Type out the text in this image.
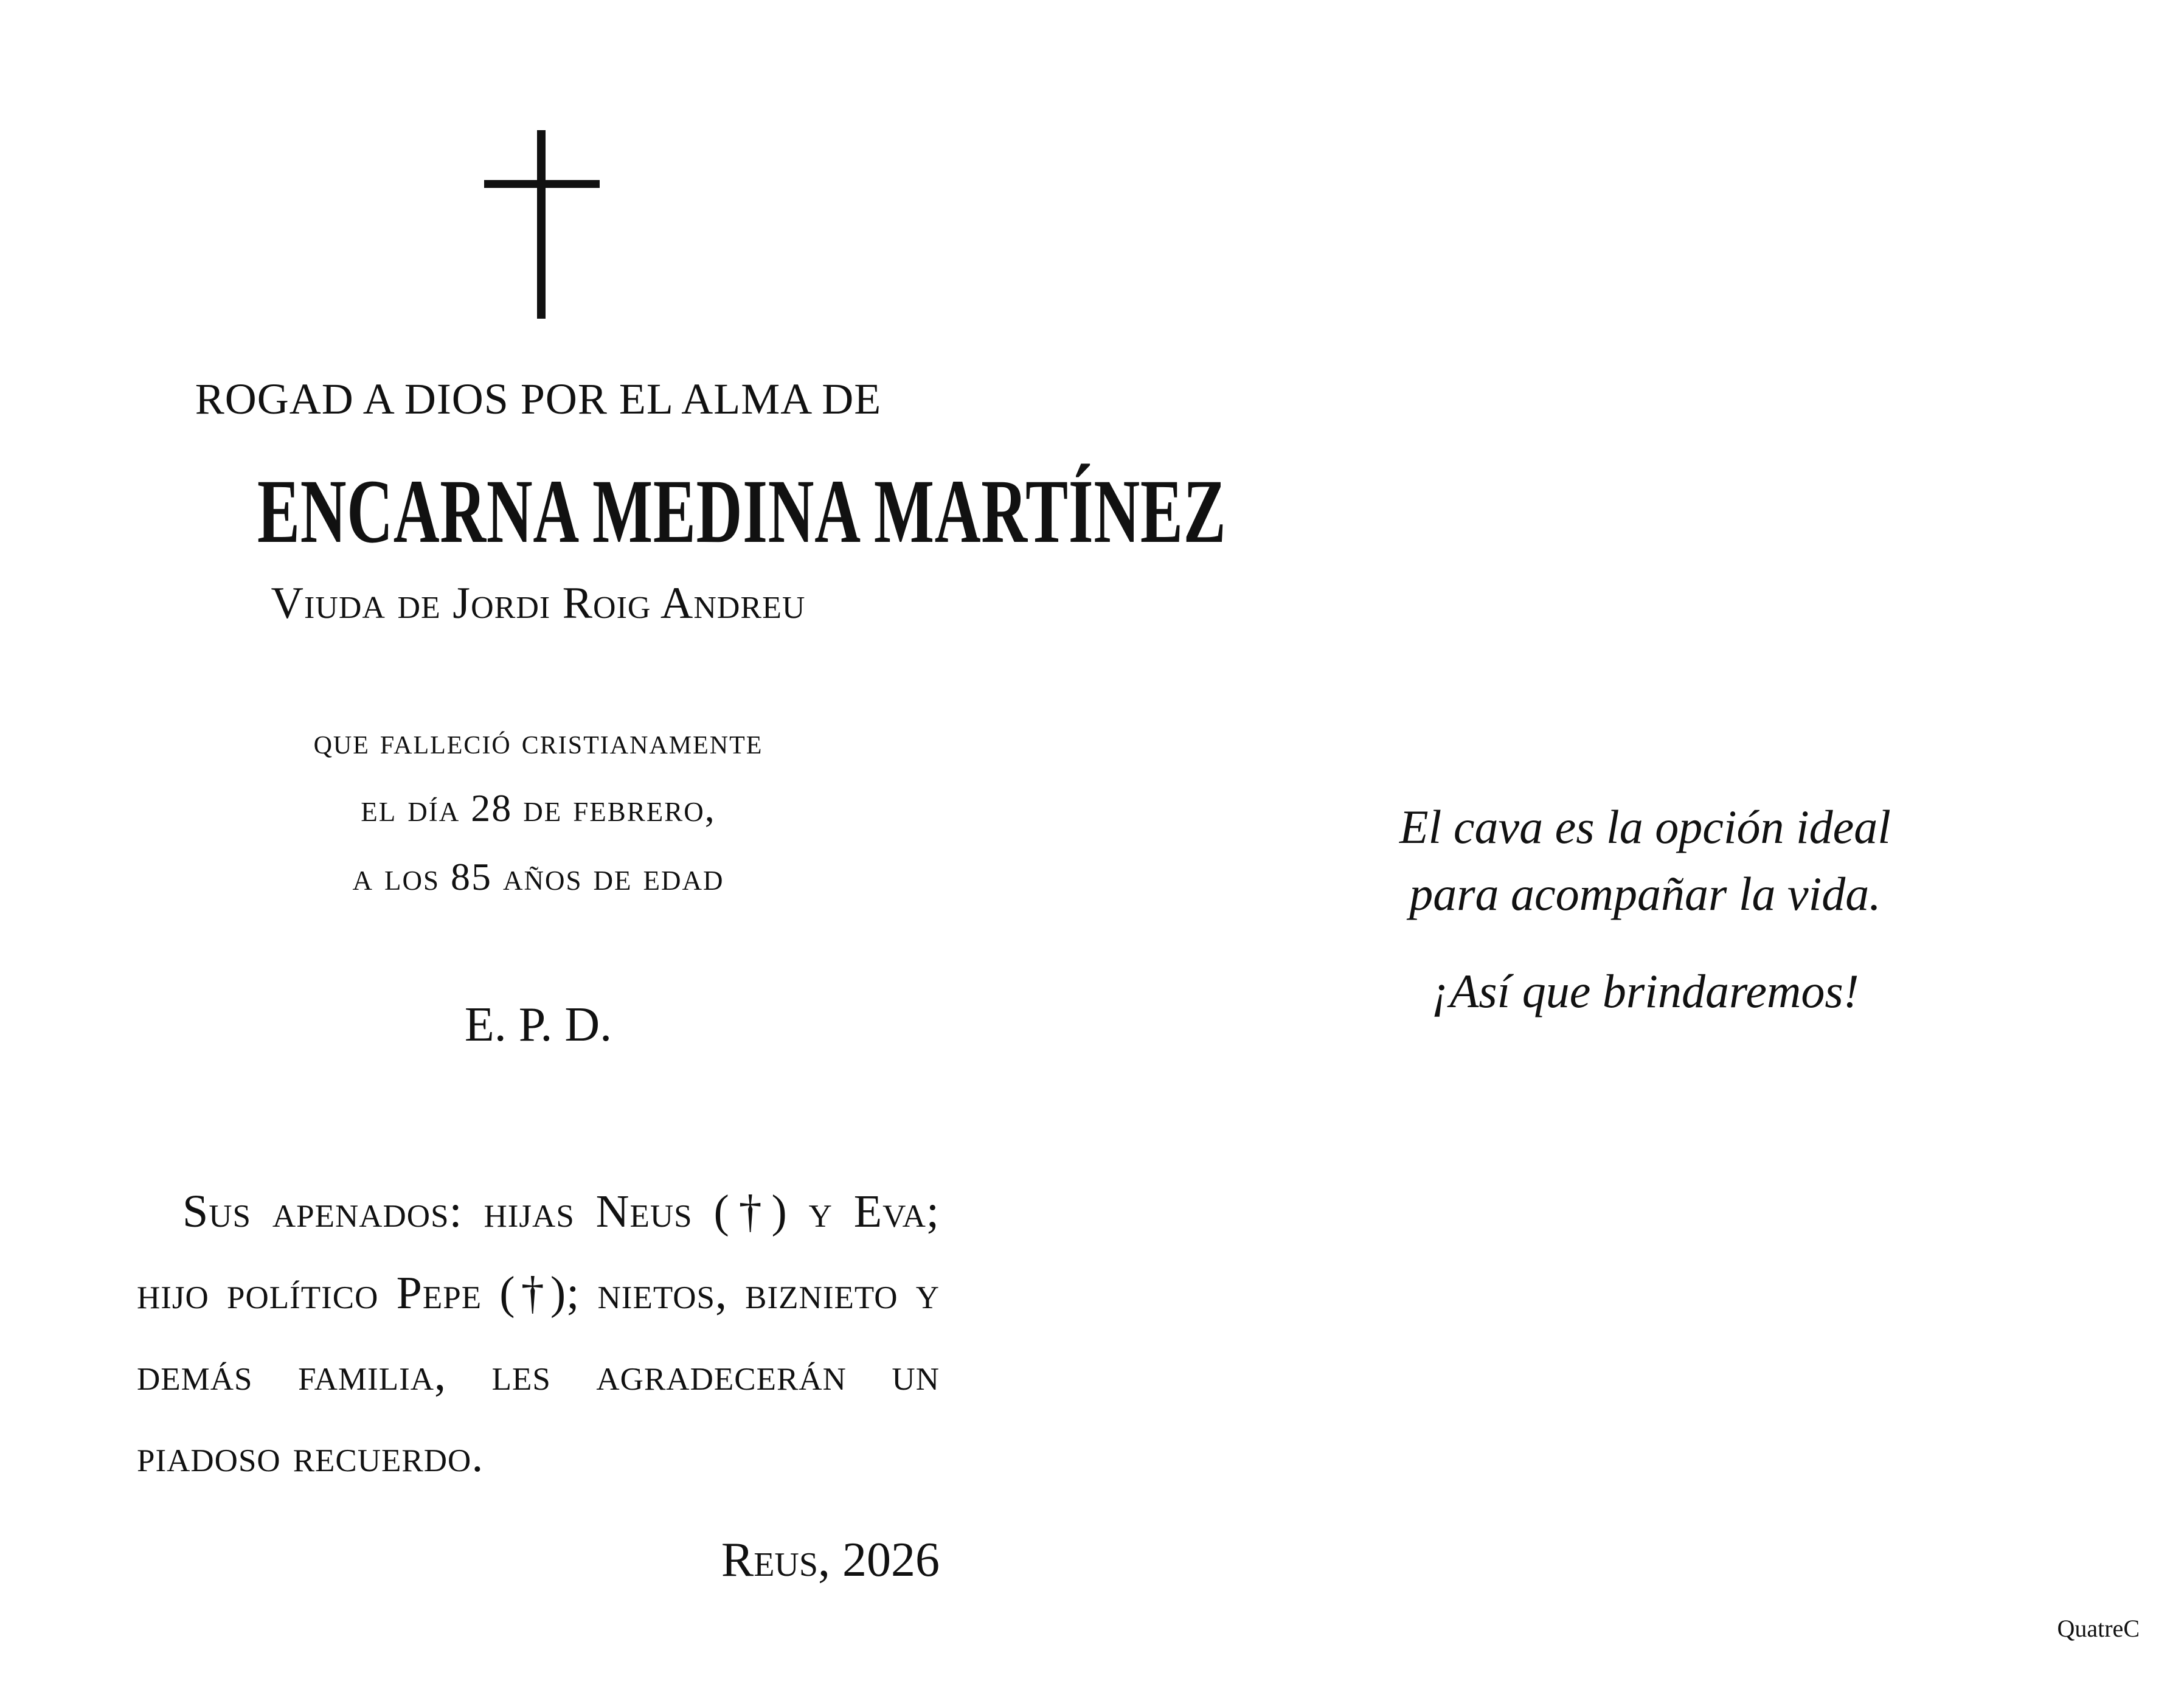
ROGAD A DIOS POR EL ALMA DE
ENCARNA MEDINA MARTÍNEZ
Viuda de Jordi Roig Andreu
que falleció cristianamente
el día 28 de febrero,
a los 85 años de edad
E. P. D.
Sus apenados: hijas Neus (†) y Eva; hijo político Pepe (†); nietos, biznieto y demás familia, les agradecerán un piadoso recuerdo.
Reus, 2026
El cava es la opción ideal
para acompañar la vida.
¡Así que brindaremos!
QuatreC
